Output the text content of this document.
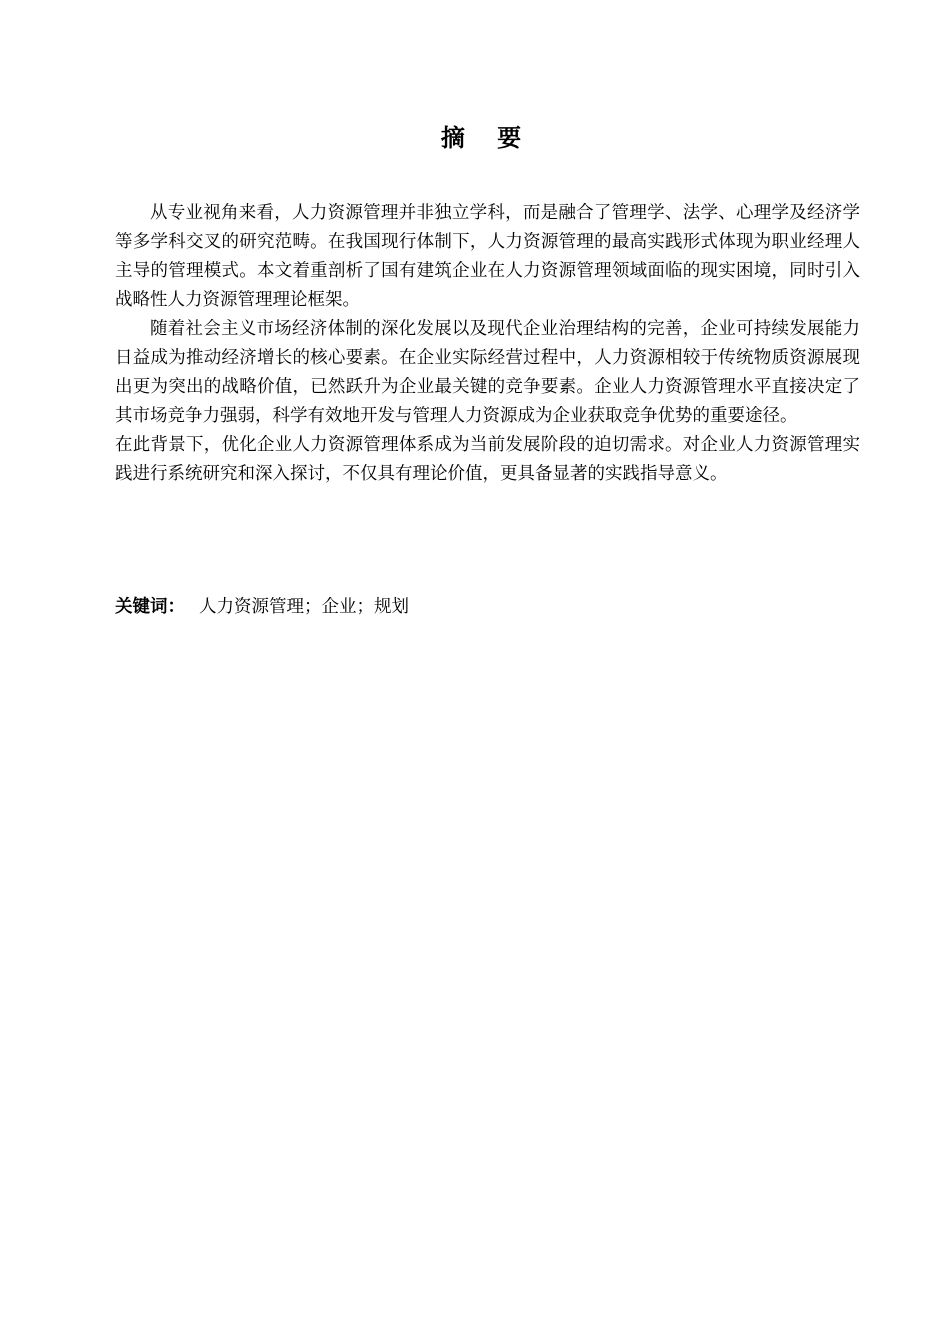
摘 要

从专业视角来看，人力资源管理并非独立学科，而是融合了管理学、法学、心理学及经济学等多学科交叉的研究范畴。在我国现行体制下，人力资源管理的最高实践形式体现为职业经理人主导的管理模式。本文着重剖析了国有建筑企业在人力资源管理领域面临的现实困境，同时引入战略性人力资源管理理论框架。

随着社会主义市场经济体制的深化发展以及现代企业治理结构的完善，企业可持续发展能力日益成为推动经济增长的核心要素。在企业实际经营过程中，人力资源相较于传统物质资源展现出更为突出的战略价值，已然跃升为企业最关键的竞争要素。企业人力资源管理水平直接决定了其市场竞争力强弱，科学有效地开发与管理人力资源成为企业获取竞争优势的重要途径。

在此背景下，优化企业人力资源管理体系成为当前发展阶段的迫切需求。对企业人力资源管理实践进行系统研究和深入探讨，不仅具有理论价值，更具备显著的实践指导意义。

关键词： 人力资源管理；企业；规划
